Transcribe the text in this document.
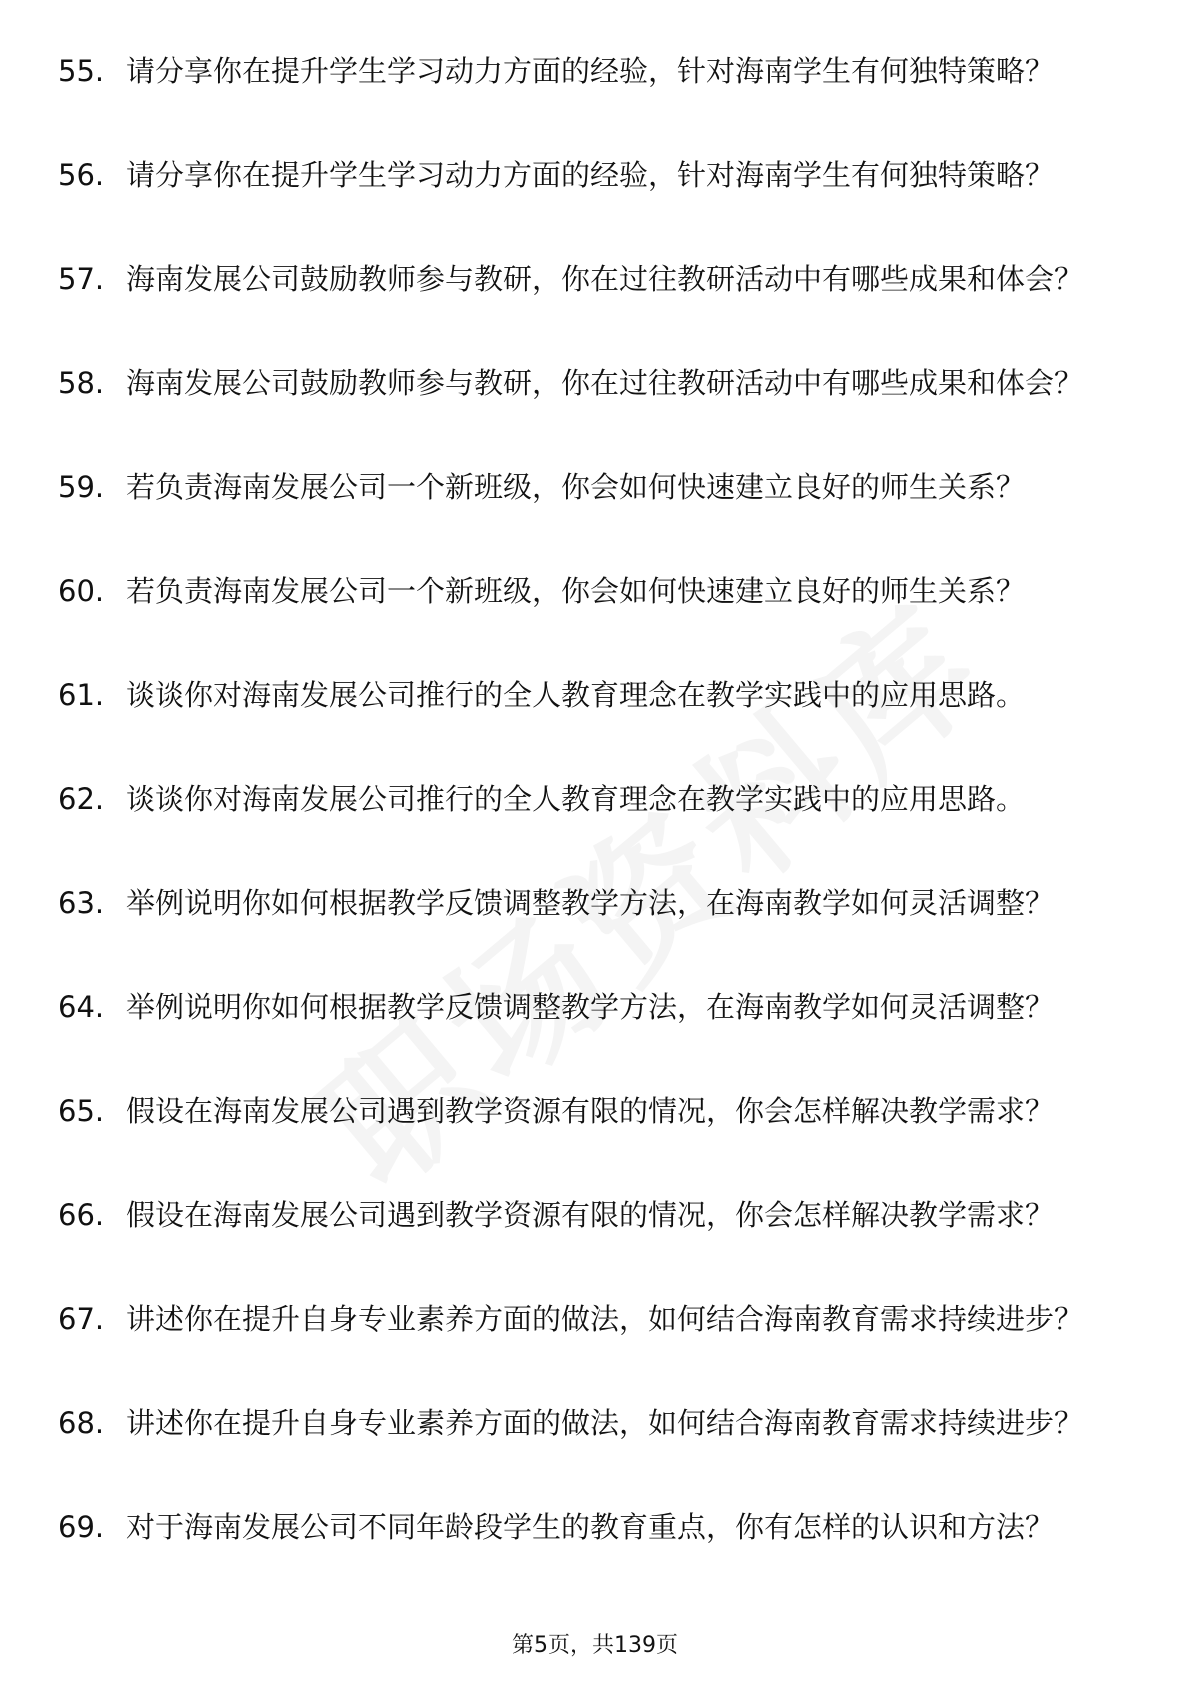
55. 请分享你在提升学生学习动力方面的经验，针对海南学生有何独特策略？
56. 请分享你在提升学生学习动力方面的经验，针对海南学生有何独特策略？
57. 海南发展公司鼓励教师参与教研，你在过往教研活动中有哪些成果和体会？
58. 海南发展公司鼓励教师参与教研，你在过往教研活动中有哪些成果和体会？
59. 若负责海南发展公司一个新班级，你会如何快速建立良好的师生关系？
60. 若负责海南发展公司一个新班级，你会如何快速建立良好的师生关系？
61. 谈谈你对海南发展公司推行的全人教育理念在教学实践中的应用思路。
62. 谈谈你对海南发展公司推行的全人教育理念在教学实践中的应用思路。
63. 举例说明你如何根据教学反馈调整教学方法，在海南教学如何灵活调整？
64. 举例说明你如何根据教学反馈调整教学方法，在海南教学如何灵活调整？
65. 假设在海南发展公司遇到教学资源有限的情况，你会怎样解决教学需求？
66. 假设在海南发展公司遇到教学资源有限的情况，你会怎样解决教学需求？
67. 讲述你在提升自身专业素养方面的做法，如何结合海南教育需求持续进步？
68. 讲述你在提升自身专业素养方面的做法，如何结合海南教育需求持续进步？
69. 对于海南发展公司不同年龄段学生的教育重点，你有怎样的认识和方法？
第5页，共139页
